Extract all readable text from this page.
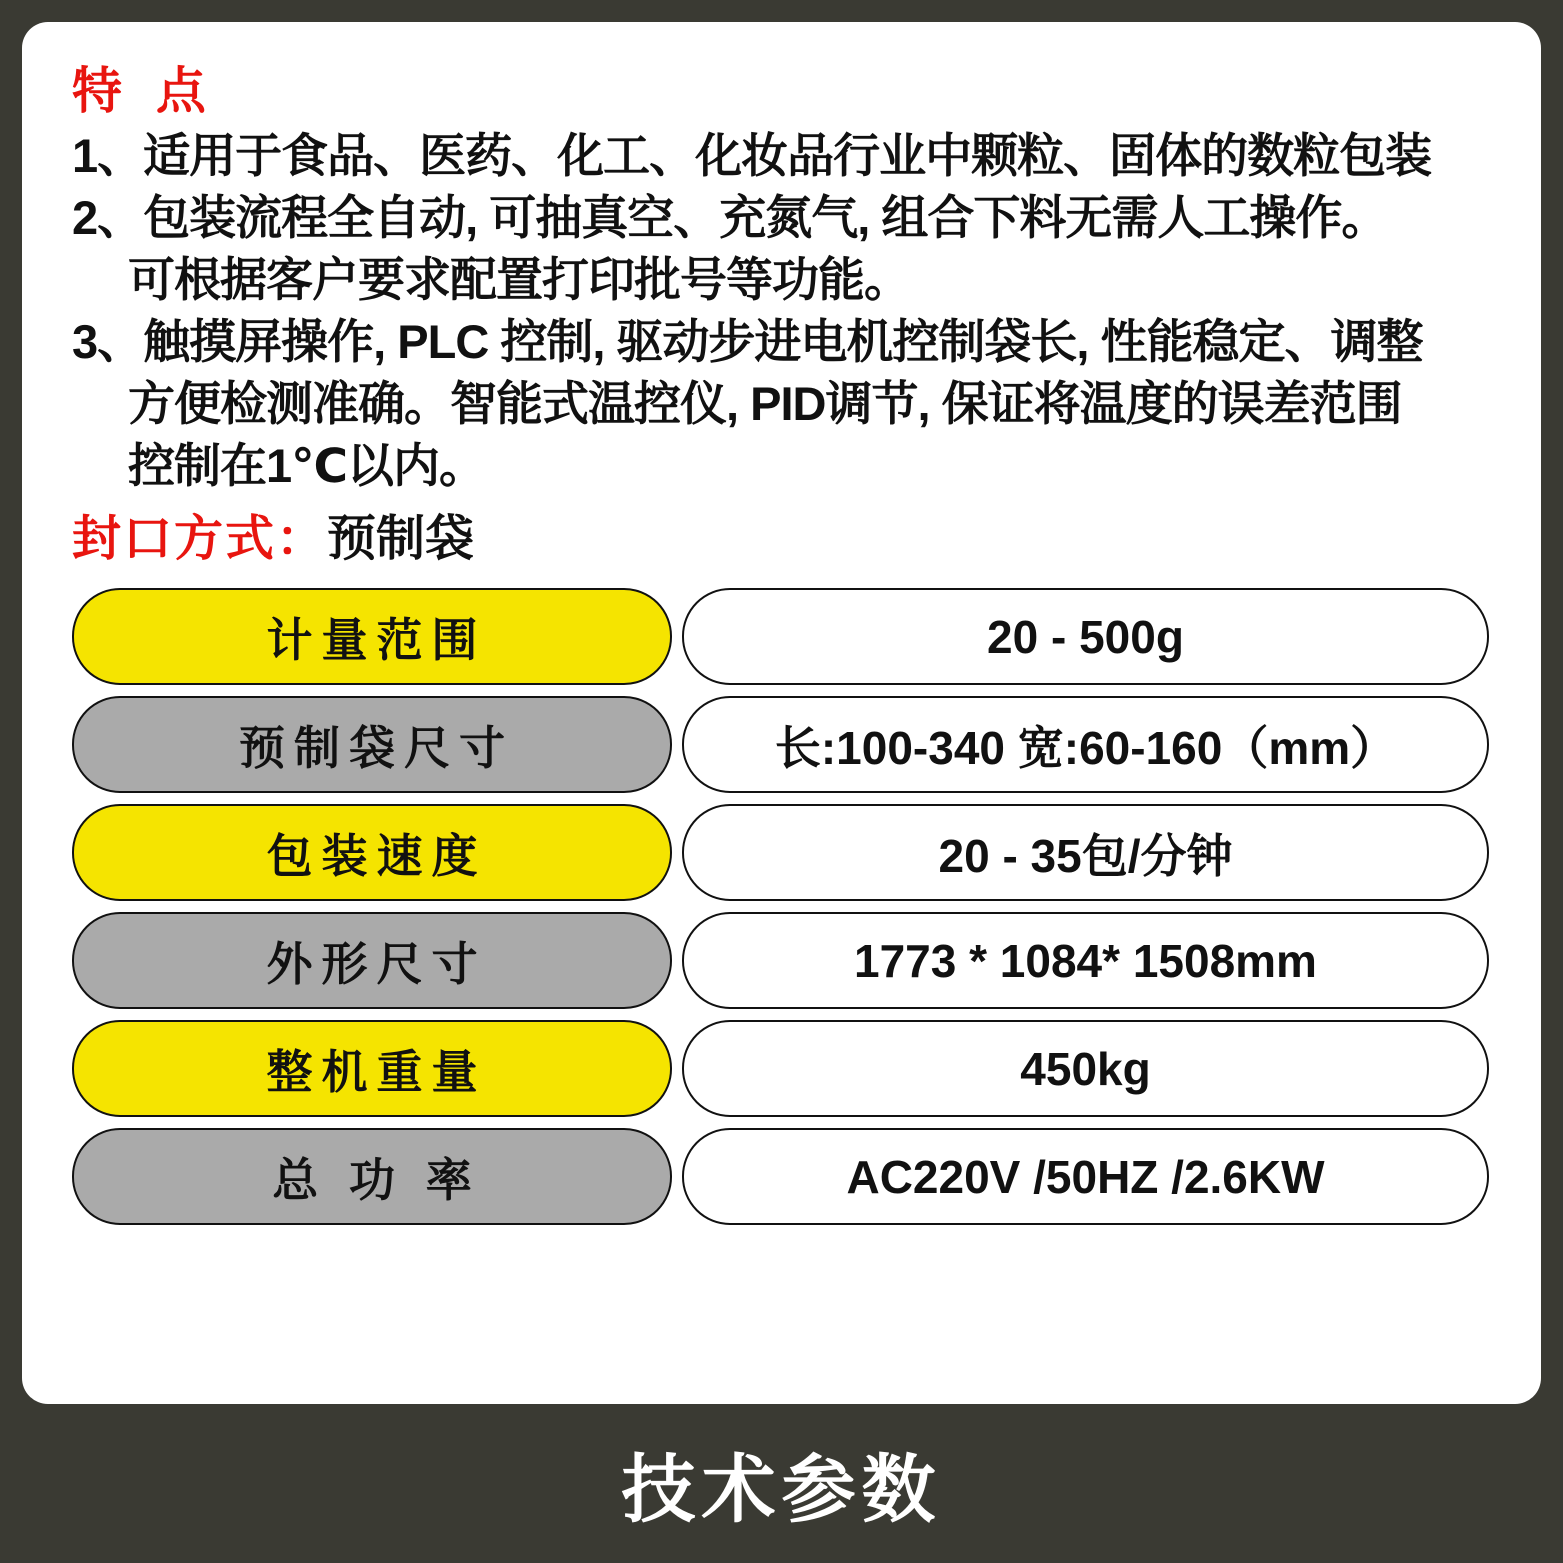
特 点
1、适用于食品、医药、化工、化妆品行业中颗粒、固体的数粒包装
2、包装流程全自动, 可抽真空、充氮气, 组合下料无需人工操作。
可根据客户要求配置打印批号等功能。
3、触摸屏操作, PLC 控制, 驱动步进电机控制袋长, 性能稳定、调整
方便检测准确。智能式温控仪, PID调节, 保证将温度的误差范围
控制在1℃以内。
封口方式：预制袋
计量范围	20 - 500g
预制袋尺寸	长:100-340 宽:60-160（mm）
包装速度	20 - 35包/分钟
外形尺寸	1773 * 1084* 1508mm
整机重量	450kg
总 功 率	AC220V /50HZ /2.6KW
技术参数
